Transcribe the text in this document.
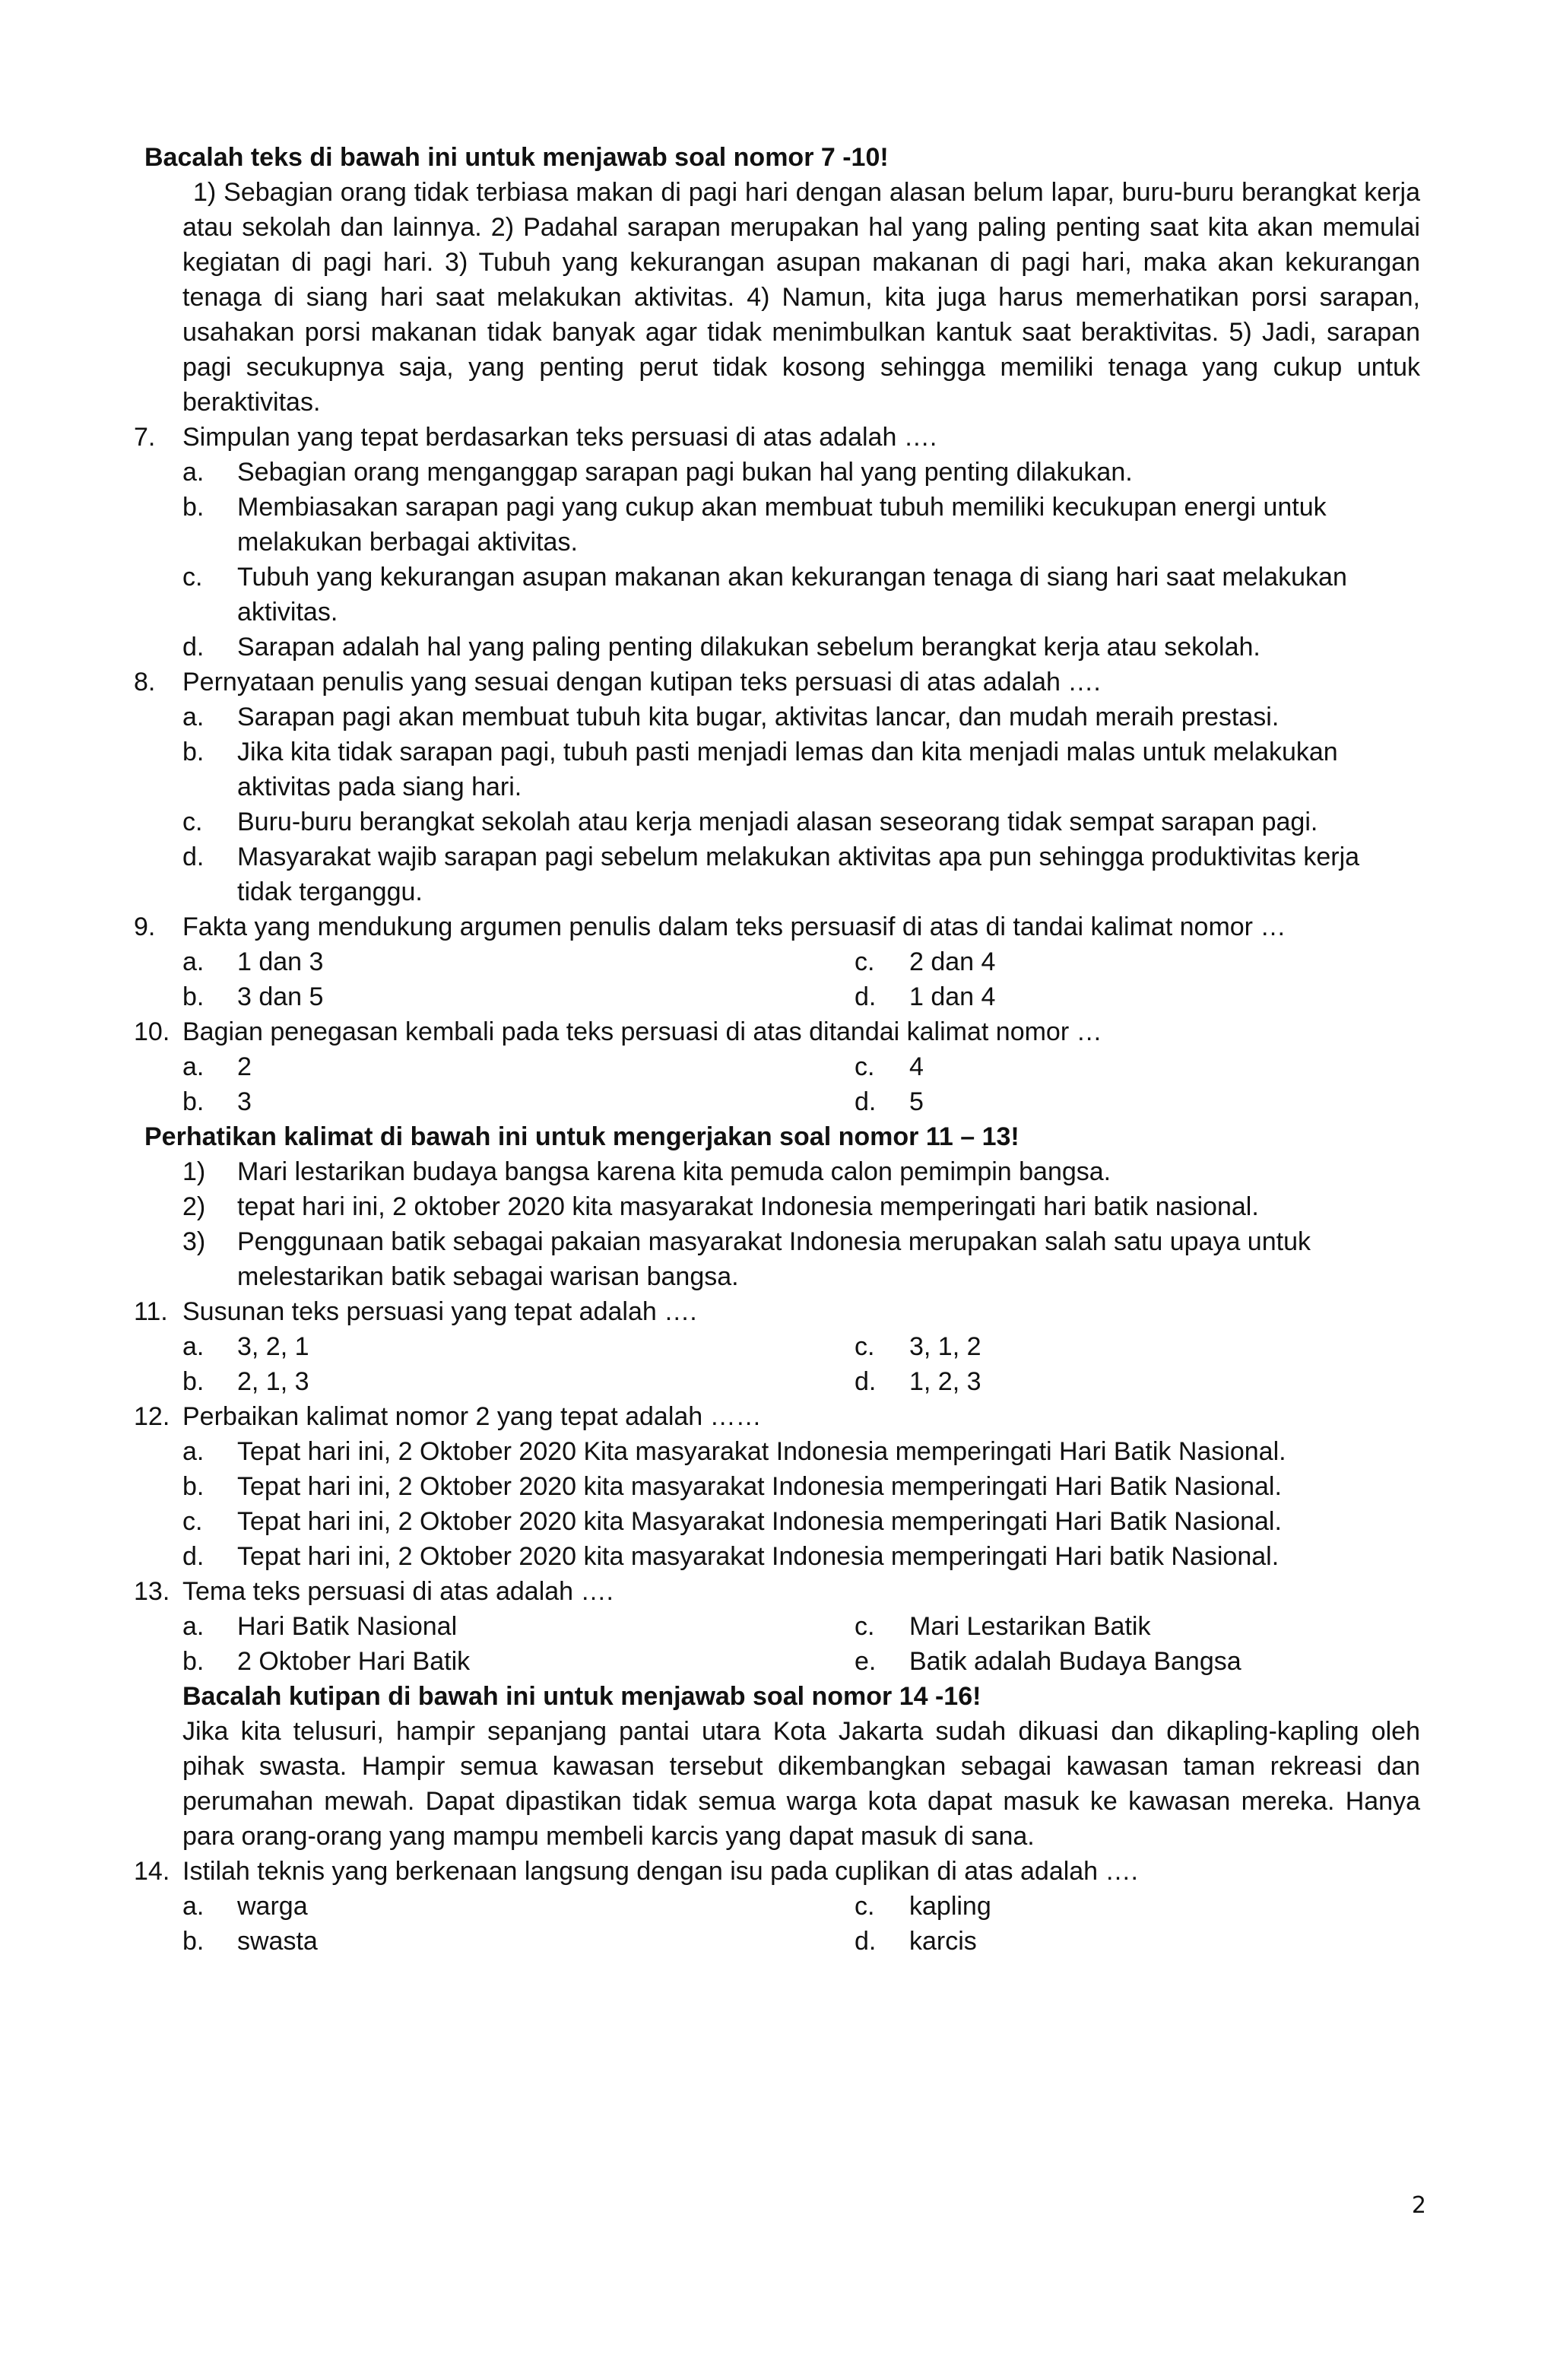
Bacalah teks di bawah ini untuk menjawab soal nomor 7 -10!

1) Sebagian orang tidak terbiasa makan di pagi hari dengan alasan belum lapar, buru-buru berangkat kerja atau sekolah dan lainnya. 2) Padahal sarapan merupakan hal yang paling penting saat kita akan memulai kegiatan di pagi hari. 3) Tubuh yang kekurangan asupan makanan di pagi hari, maka akan kekurangan tenaga di siang hari saat melakukan aktivitas. 4) Namun, kita juga harus memerhatikan porsi sarapan, usahakan porsi makanan tidak banyak agar tidak menimbulkan kantuk saat beraktivitas. 5) Jadi, sarapan pagi secukupnya saja, yang penting perut tidak kosong sehingga memiliki tenaga yang cukup untuk beraktivitas.

7.	Simpulan yang tepat berdasarkan teks persuasi di atas adalah ….
a.	Sebagian orang menganggap sarapan pagi bukan hal yang penting dilakukan.
b.	Membiasakan sarapan pagi yang cukup akan membuat tubuh memiliki kecukupan energi untuk melakukan berbagai aktivitas.
c.	Tubuh yang kekurangan asupan makanan akan kekurangan tenaga di siang hari saat melakukan aktivitas.
d.	Sarapan adalah hal yang paling penting dilakukan sebelum berangkat kerja atau sekolah.
8.	Pernyataan penulis yang sesuai dengan kutipan teks persuasi di atas adalah ….
a.	Sarapan pagi akan membuat tubuh kita bugar, aktivitas lancar, dan mudah meraih prestasi.
b.	Jika kita tidak sarapan pagi, tubuh pasti menjadi lemas dan kita menjadi malas untuk melakukan aktivitas pada siang hari.
c.	Buru-buru berangkat sekolah atau kerja menjadi alasan seseorang tidak sempat sarapan pagi.
d.	Masyarakat wajib sarapan pagi sebelum melakukan aktivitas apa pun sehingga produktivitas kerja tidak terganggu.
9.	Fakta yang mendukung argumen penulis dalam teks persuasif di atas di tandai kalimat nomor …
a.	1 dan 3	c.	2 dan 4
b.	3 dan 5	d.	1 dan 4
10. Bagian penegasan kembali pada teks persuasi di atas ditandai kalimat nomor …
a.	2	c.	4
b.	3	d.	5

Perhatikan kalimat di bawah ini untuk mengerjakan soal nomor 11 – 13!

1)	Mari lestarikan budaya bangsa karena kita pemuda calon pemimpin bangsa.
2)	tepat hari ini, 2 oktober 2020 kita masyarakat Indonesia memperingati hari batik nasional.
3)	Penggunaan batik sebagai pakaian masyarakat Indonesia merupakan salah satu upaya untuk melestarikan batik sebagai warisan bangsa.
11. Susunan teks persuasi yang tepat adalah ….
a.	3, 2, 1	c.	3, 1, 2
b.	2, 1, 3	d.	1, 2, 3
12. Perbaikan kalimat nomor 2 yang tepat adalah ……
a.	Tepat hari ini, 2 Oktober 2020 Kita masyarakat Indonesia memperingati Hari Batik Nasional.
b.	Tepat hari ini, 2 Oktober 2020 kita masyarakat Indonesia memperingati Hari Batik Nasional.
c.	Tepat hari ini, 2 Oktober 2020 kita Masyarakat Indonesia memperingati Hari Batik Nasional.
d.	Tepat hari ini, 2 Oktober 2020 kita masyarakat Indonesia memperingati Hari batik Nasional.
13. Tema teks persuasi di atas adalah ….
a.	Hari Batik Nasional	c.	Mari Lestarikan Batik
b.	2 Oktober Hari Batik	e.	Batik adalah Budaya Bangsa

Bacalah kutipan di bawah ini untuk menjawab soal nomor 14 -16!

Jika kita telusuri, hampir sepanjang pantai utara Kota Jakarta sudah dikuasi dan dikapling-kapling oleh pihak swasta. Hampir semua kawasan tersebut dikembangkan sebagai kawasan taman rekreasi dan perumahan mewah. Dapat dipastikan tidak semua warga kota dapat masuk ke kawasan mereka. Hanya para orang-orang yang mampu membeli karcis yang dapat masuk di sana.

14. Istilah teknis yang berkenaan langsung dengan isu pada cuplikan di atas adalah ….
a.	warga	c.	kapling
b.	swasta	d.	karcis
2
